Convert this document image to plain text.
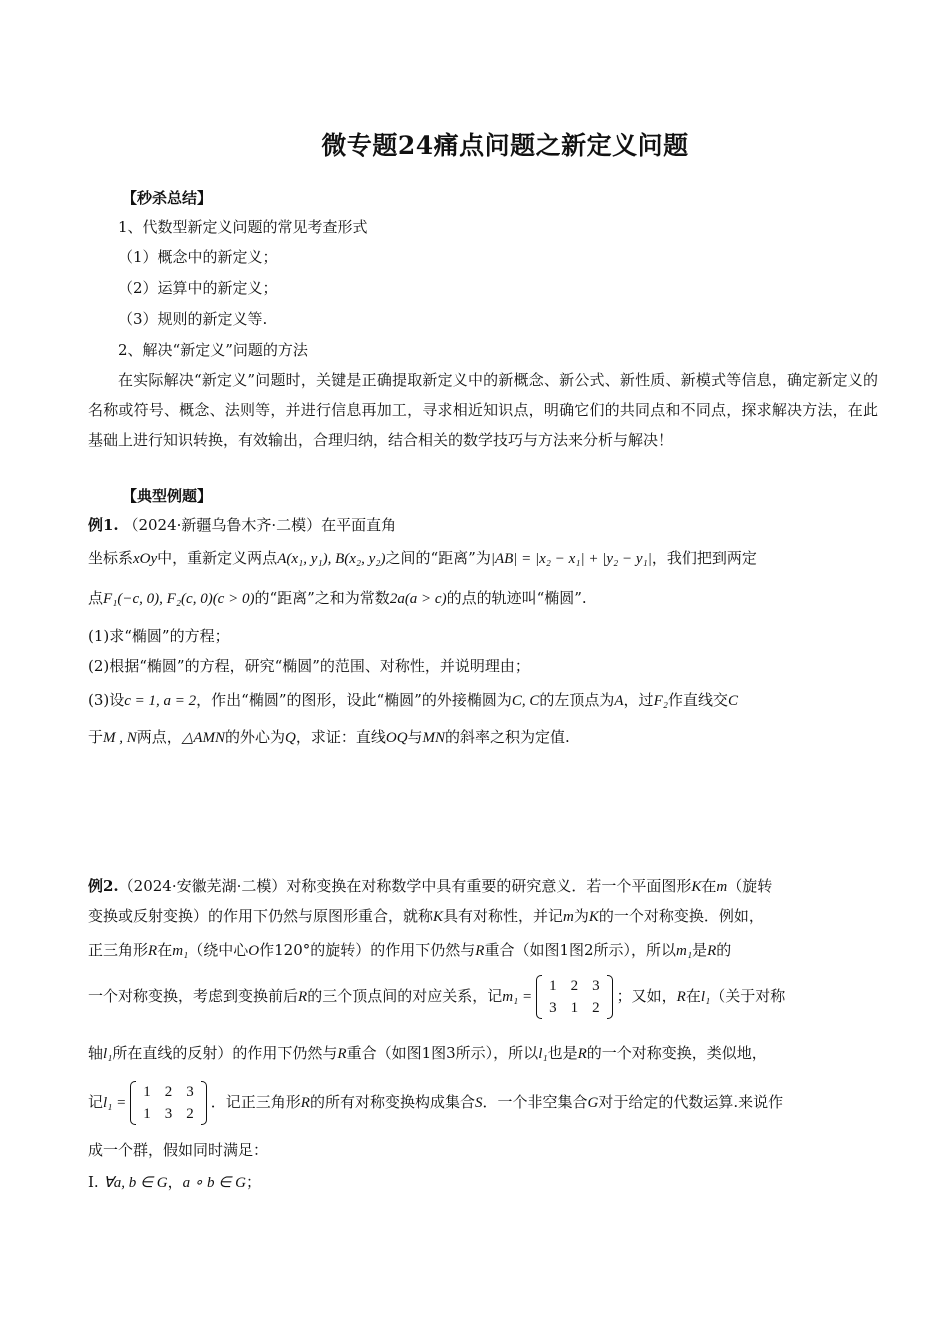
微专题24痛点问题之新定义问题
【秒杀总结】
1、代数型新定义问题的常见考查形式
（1）概念中的新定义；
（2）运算中的新定义；
（3）规则的新定义等.
2、解决“新定义”问题的方法
在实际解决“新定义”问题时，关键是正确提取新定义中的新概念、新公式、新性质、新模式等信息，确定新定义的名称或符号、概念、法则等，并进行信息再加工，寻求相近知识点，明确它们的共同点和不同点，探求解决方法，在此基础上进行知识转换，有效输出，合理归纳，结合相关的数学技巧与方法来分析与解决！
【典型例题】
例1. （2024·新疆乌鲁木齐·二模）在平面直角
坐标系xOy中，重新定义两点A(x₁, y₁), B(x₂, y₂)之间的“距离”为|AB| = |x₂ − x₁| + |y₂ − y₁|，我们把到两定
点F₁(−c, 0), F₂(c, 0)(c > 0)的“距离”之和为常数2a(a > c)的点的轨迹叫“椭圆”.
(1)求“椭圆”的方程；
(2)根据“椭圆”的方程，研究“椭圆”的范围、对称性，并说明理由；
(3)设c = 1, a = 2，作出“椭圆”的图形，设此“椭圆”的外接椭圆为C, C的左顶点为A，过F₂作直线交C
于M , N两点，△AMN的外心为Q，求证：直线OQ与MN的斜率之积为定值.
例2.（2024·安徽芜湖·二模）对称变换在对称数学中具有重要的研究意义．若一个平面图形K在m（旋转
变换或反射变换）的作用下仍然与原图形重合，就称K具有对称性，并记m为K的一个对称变换．例如，
正三角形R在m₁（绕中心O作120°的旋转）的作用下仍然与R重合（如图1图2所示），所以m₁是R的
一个对称变换，考虑到变换前后R的三个顶点间的对应关系，记m₁ =
1	2	3
3	1	2
；又如，R在l₁（关于对称
轴l₁所在直线的反射）的作用下仍然与R重合（如图1图3所示），所以l₁也是R的一个对称变换，类似地，
记l₁ =
1	2	3
1	3	2
．记正三角形R的所有对称变换构成集合S．一个非空集合G对于给定的代数运算.来说作
成一个群，假如同时满足：
I. ∀a, b ∈ G，a ∘ b ∈ G；
